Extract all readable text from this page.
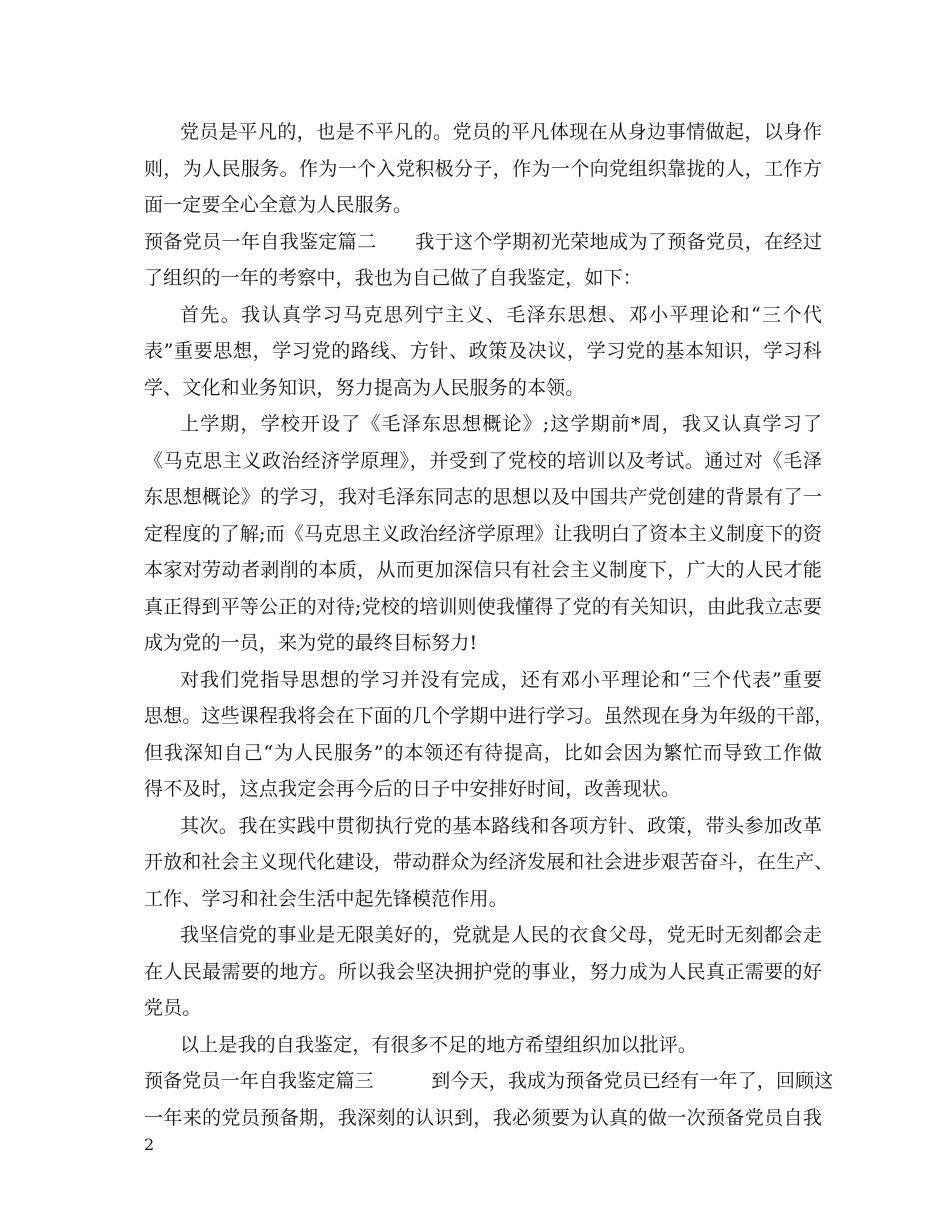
党员是平凡的，也是不平凡的。党员的平凡体现在从身边事情做起，以身作
则，为人民服务。作为一个入党积极分子，作为一个向党组织靠拢的人，工作方
面一定要全心全意为人民服务。
预备党员一年自我鉴定篇二　　我于这个学期初光荣地成为了预备党员，在经过
了组织的一年的考察中，我也为自己做了自我鉴定，如下：
首先。我认真学习马克思列宁主义、毛泽东思想、邓小平理论和“三个代
表”重要思想，学习党的路线、方针、政策及决议，学习党的基本知识，学习科
学、文化和业务知识，努力提高为人民服务的本领。
上学期，学校开设了《毛泽东思想概论》;这学期前*周，我又认真学习了
《马克思主义政治经济学原理》，并受到了党校的培训以及考试。通过对《毛泽
东思想概论》的学习，我对毛泽东同志的思想以及中国共产党创建的背景有了一
定程度的了解;而《马克思主义政治经济学原理》让我明白了资本主义制度下的资
本家对劳动者剥削的本质，从而更加深信只有社会主义制度下，广大的人民才能
真正得到平等公正的对待;党校的培训则使我懂得了党的有关知识，由此我立志要
成为党的一员，来为党的最终目标努力!
对我们党指导思想的学习并没有完成，还有邓小平理论和“三个代表”重要
思想。这些课程我将会在下面的几个学期中进行学习。虽然现在身为年级的干部，
但我深知自己“为人民服务”的本领还有待提高，比如会因为繁忙而导致工作做
得不及时，这点我定会再今后的日子中安排好时间，改善现状。
其次。我在实践中贯彻执行党的基本路线和各项方针、政策，带头参加改革
开放和社会主义现代化建设，带动群众为经济发展和社会进步艰苦奋斗，在生产、
工作、学习和社会生活中起先锋模范作用。
我坚信党的事业是无限美好的，党就是人民的衣食父母，党无时无刻都会走
在人民最需要的地方。所以我会坚决拥护党的事业，努力成为人民真正需要的好
党员。
以上是我的自我鉴定，有很多不足的地方希望组织加以批评。
预备党员一年自我鉴定篇三　　　到今天，我成为预备党员已经有一年了，回顾这
一年来的党员预备期，我深刻的认识到，我必须要为认真的做一次预备党员自我
2
